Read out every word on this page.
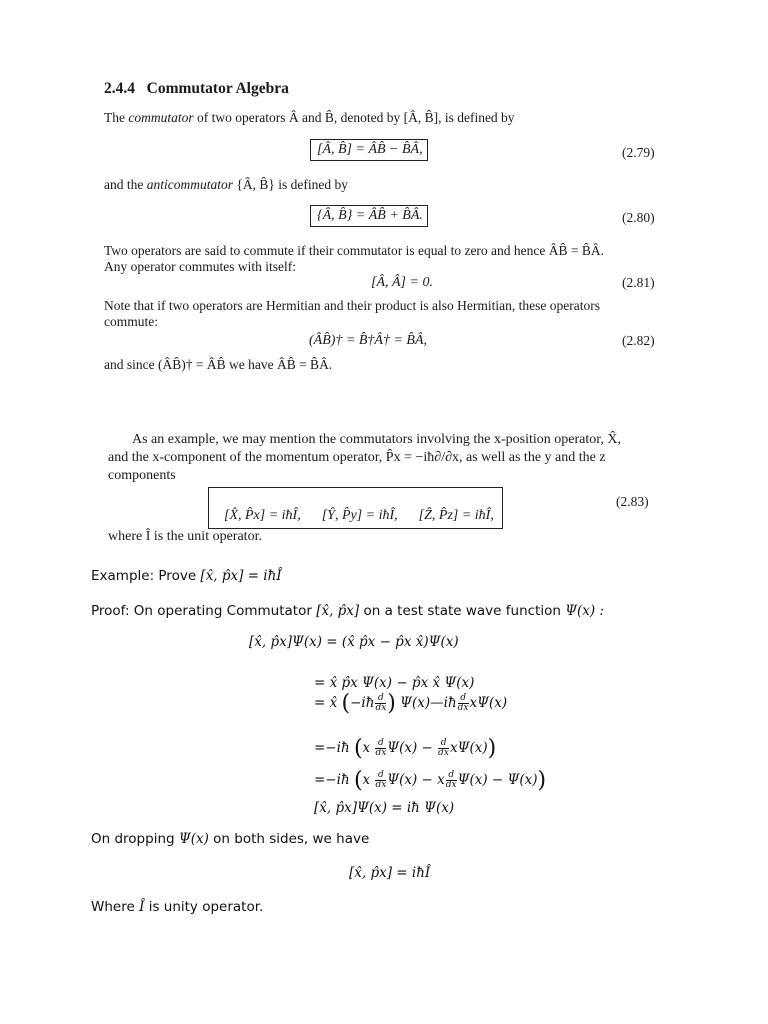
2.4.4 Commutator Algebra
The commutator of two operators Â and B̂, denoted by [Â, B̂], is defined by
[Â, B̂] = ÂB̂ − B̂Â,	(2.79)
and the anticommutator {Â, B̂} is defined by
{Â, B̂} = ÂB̂ + B̂Â.	(2.80)
Two operators are said to commute if their commutator is equal to zero and hence ÂB̂ = B̂Â.
Any operator commutes with itself:
[Â, Â] = 0.	(2.81)
Note that if two operators are Hermitian and their product is also Hermitian, these operators
commute:
(ÂB̂)† = B̂†Â† = B̂Â,	(2.82)
and since (ÂB̂)† = ÂB̂ we have ÂB̂ = B̂Â.
As an example, we may mention the commutators involving the x-position operator, X̂,
and the x-component of the momentum operator, P̂x = −iħ∂/∂x, as well as the y and the z
components

[X̂, P̂x] = iħÎ,      [Ŷ, P̂y] = iħÎ,      [Ẑ, P̂z] = iħÎ,

(2.83)
where Î is the unit operator.
Example: Prove [x̂, p̂x] = iħÎ
Proof: On operating Commutator [x̂, p̂x] on a test state wave function Ψ(x) :
[x̂, p̂x]Ψ(x) = (x̂ p̂x − p̂x x̂)Ψ(x)
= x̂ p̂x Ψ(x) − p̂x x̂ Ψ(x)
= x̂ (−iħ $\frac{d}{dx}$ ) Ψ(x)—iħ $\frac{d}{dx} x\Psi(x)$
=−iħ $(x \frac{d}{dx} \Psi(x) - \frac{d}{dx} x\Psi(x))$
=−iħ $(x \frac{d}{dx} \Psi(x) - x \frac{d}{dx} \Psi(x) - \Psi(x))$
[x̂, p̂x]Ψ(x) = iħ Ψ(x)
On dropping Ψ(x) on both sides, we have
[x̂, p̂x] = iħÎ
Where Î is unity operator.
